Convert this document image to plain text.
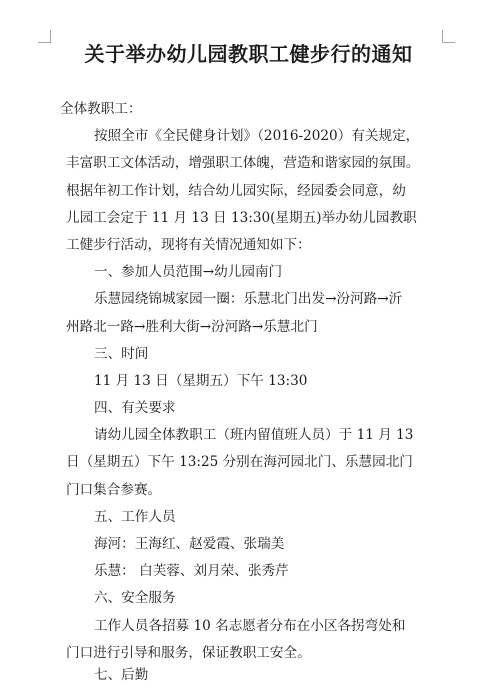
关于举办幼儿园教职工健步行的通知
全体教职工：
按照全市《全民健身计划》（2016-2020）有关规定，
丰富职工文体活动，增强职工体魄，营造和谐家园的氛围。
根据年初工作计划，结合幼儿园实际，经园委会同意，幼
儿园工会定于 11 月 13 日 13:30(星期五)举办幼儿园教职
工健步行活动，现将有关情况通知如下：
一、参加人员范围→幼儿园南门
乐慧园绕锦城家园一圈：乐慧北门出发→汾河路→沂
州路北一路→胜利大街→汾河路→乐慧北门
三、时间
11 月 13 日（星期五）下午 13:30
四、有关要求
请幼儿园全体教职工（班内留值班人员）于 11 月 13
日（星期五）下午 13:25 分别在海河园北门、乐慧园北门
门口集合参赛。
五、工作人员
海河：王海红、赵爱霞、张瑞美
乐慧： 白芙蓉、刘月荣、张秀芹
六、安全服务
工作人员各招募 10 名志愿者分布在小区各拐弯处和
门口进行引导和服务，保证教职工安全。
七、后勤
